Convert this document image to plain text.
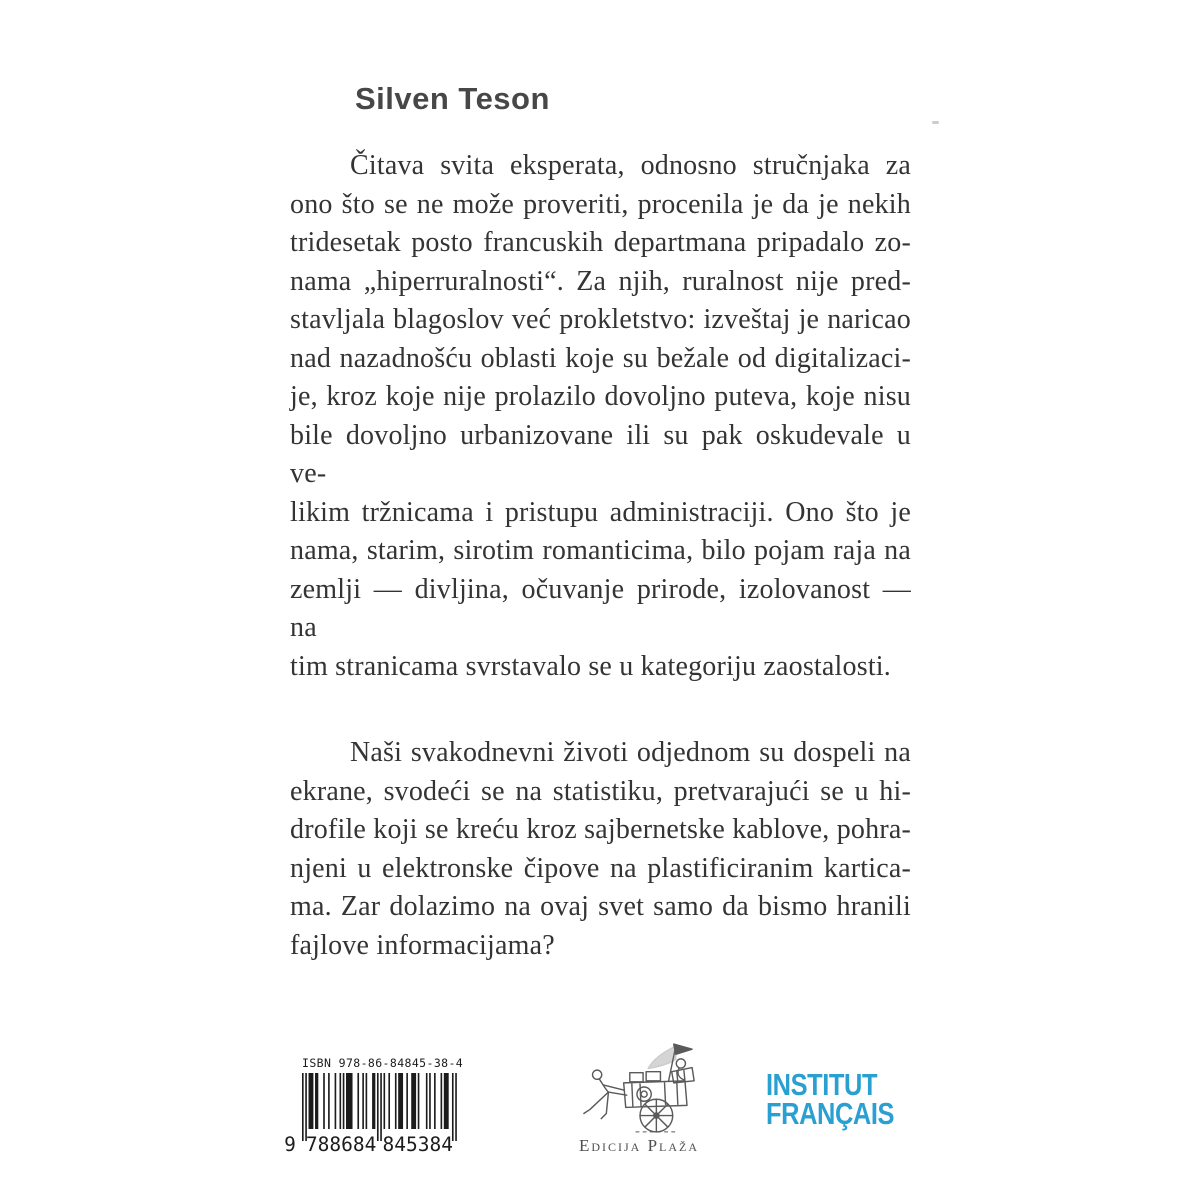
Silven Teson
Čitava svita eksperata, odnosno stručnjaka za
ono što se ne može proveriti, procenila je da je nekih
tridesetak posto francuskih departmana pripadalo zo-
nama „hiperruralnosti“. Za njih, ruralnost nije pred-
stavljala blagoslov već prokletstvo: izveštaj je naricao
nad nazadnošću oblasti koje su bežale od digitalizaci-
je, kroz koje nije prolazilo dovoljno puteva, koje nisu
bile dovoljno urbanizovane ili su pak oskudevale u ve-
likim tržnicama i pristupu administraciji. Ono što je
nama, starim, sirotim romanticima, bilo pojam raja na
zemlji — divljina, očuvanje prirode, izolovanost — na
tim stranicama svrstavalo se u kategoriju zaostalosti.
Naši svakodnevni životi odjednom su dospeli na
ekrane, svodeći se na statistiku, pretvarajući se u hi-
drofile koji se kreću kroz sajbernetske kablove, pohra-
njeni u elektronske čipove na plastificiranim kartica-
ma. Zar dolazimo na ovaj svet samo da bismo hranili
fajlove informacijama?
ISBN 978-86-84845-38-4
9 788684 845384	Edicija Plaža
INSTITUT
FRANÇAIS
